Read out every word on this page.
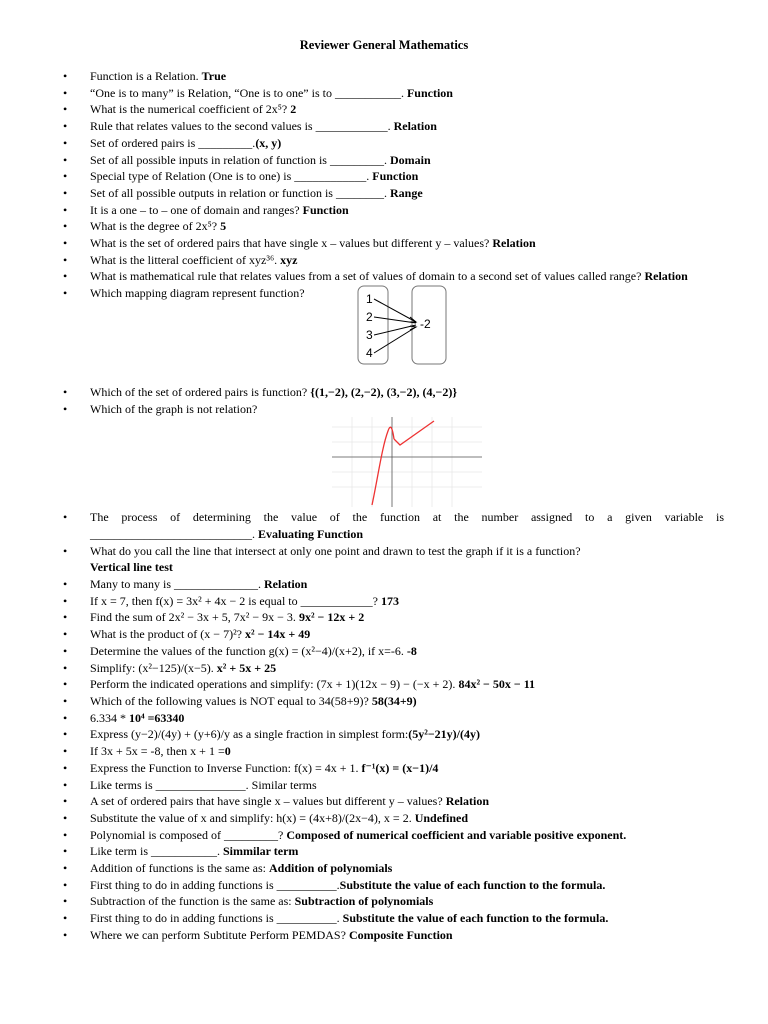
Reviewer General Mathematics
• Function is a Relation. True
• “One is to many” is Relation, “One is to one” is to ___________. Function
• What is the numerical coefficient of 2x⁵? 2
• Rule that relates values to the second values is ____________. Relation
• Set of ordered pairs is _________.(x, y)
• Set of all possible inputs in relation of function is _________. Domain
• Special type of Relation (One is to one) is ____________. Function
• Set of all possible outputs in relation or function is ________. Range
• It is a one – to – one of domain and ranges? Function
• What is the degree of 2x⁵? 5
• What is the set of ordered pairs that have single x – values but different y – values? Relation
• What is the litteral coefficient of xyz³⁶. xyz
• What is mathematical rule that relates values from a set of values of domain to a second set of values called range? Relation
• Which mapping diagram represent function?	1
2
3
4
-2
• Which of the set of ordered pairs is function? {(1,−2), (2,−2), (3,−2), (4,−2)}
• Which of the graph is not relation?
• The process of determining the value of the function at the number assigned to a given variable is ___________________________. Evaluating Function
• What do you call the line that intersect at only one point and drawn to test the graph if it is a function?
Vertical line test
• Many to many is ______________. Relation
• If x = 7, then f(x) = 3x² + 4x − 2 is equal to ____________? 173
• Find the sum of 2x² − 3x + 5, 7x² − 9x − 3. 9x² − 12x + 2
• What is the product of (x − 7)²? x² − 14x + 49
• Determine the values of the function g(x) = (x²−4)/(x+2), if x=-6. -8
• Simplify: (x²−125)/(x−5). x² + 5x + 25
• Perform the indicated operations and simplify: (7x + 1)(12x − 9) − (−x + 2). 84x² − 50x − 11
• Which of the following values is NOT equal to 34(58+9)? 58(34+9)
• 6.334 * 10⁴ =63340
• Express (y−2)/(4y) + (y+6)/y as a single fraction in simplest form:(5y²−21y)/(4y)
• If 3x + 5x = -8, then x + 1 =0
• Express the Function to Inverse Function: f(x) = 4x + 1. f⁻¹(x) = (x−1)/4
• Like terms is _______________. Similar terms
• A set of ordered pairs that have single x – values but different y – values? Relation
• Substitute the value of x and simplify: h(x) = (4x+8)/(2x−4), x = 2. Undefined
• Polynomial is composed of _________? Composed of numerical coefficient and variable positive exponent.
• Like term is ___________. Simmilar term
• Addition of functions is the same as: Addition of polynomials
• First thing to do in adding functions is __________.Substitute the value of each function to the formula.
• Subtraction of the function is the same as: Subtraction of polynomials
• First thing to do in adding functions is __________. Substitute the value of each function to the formula.
• Where we can perform Subtitute Perform PEMDAS? Composite Function
